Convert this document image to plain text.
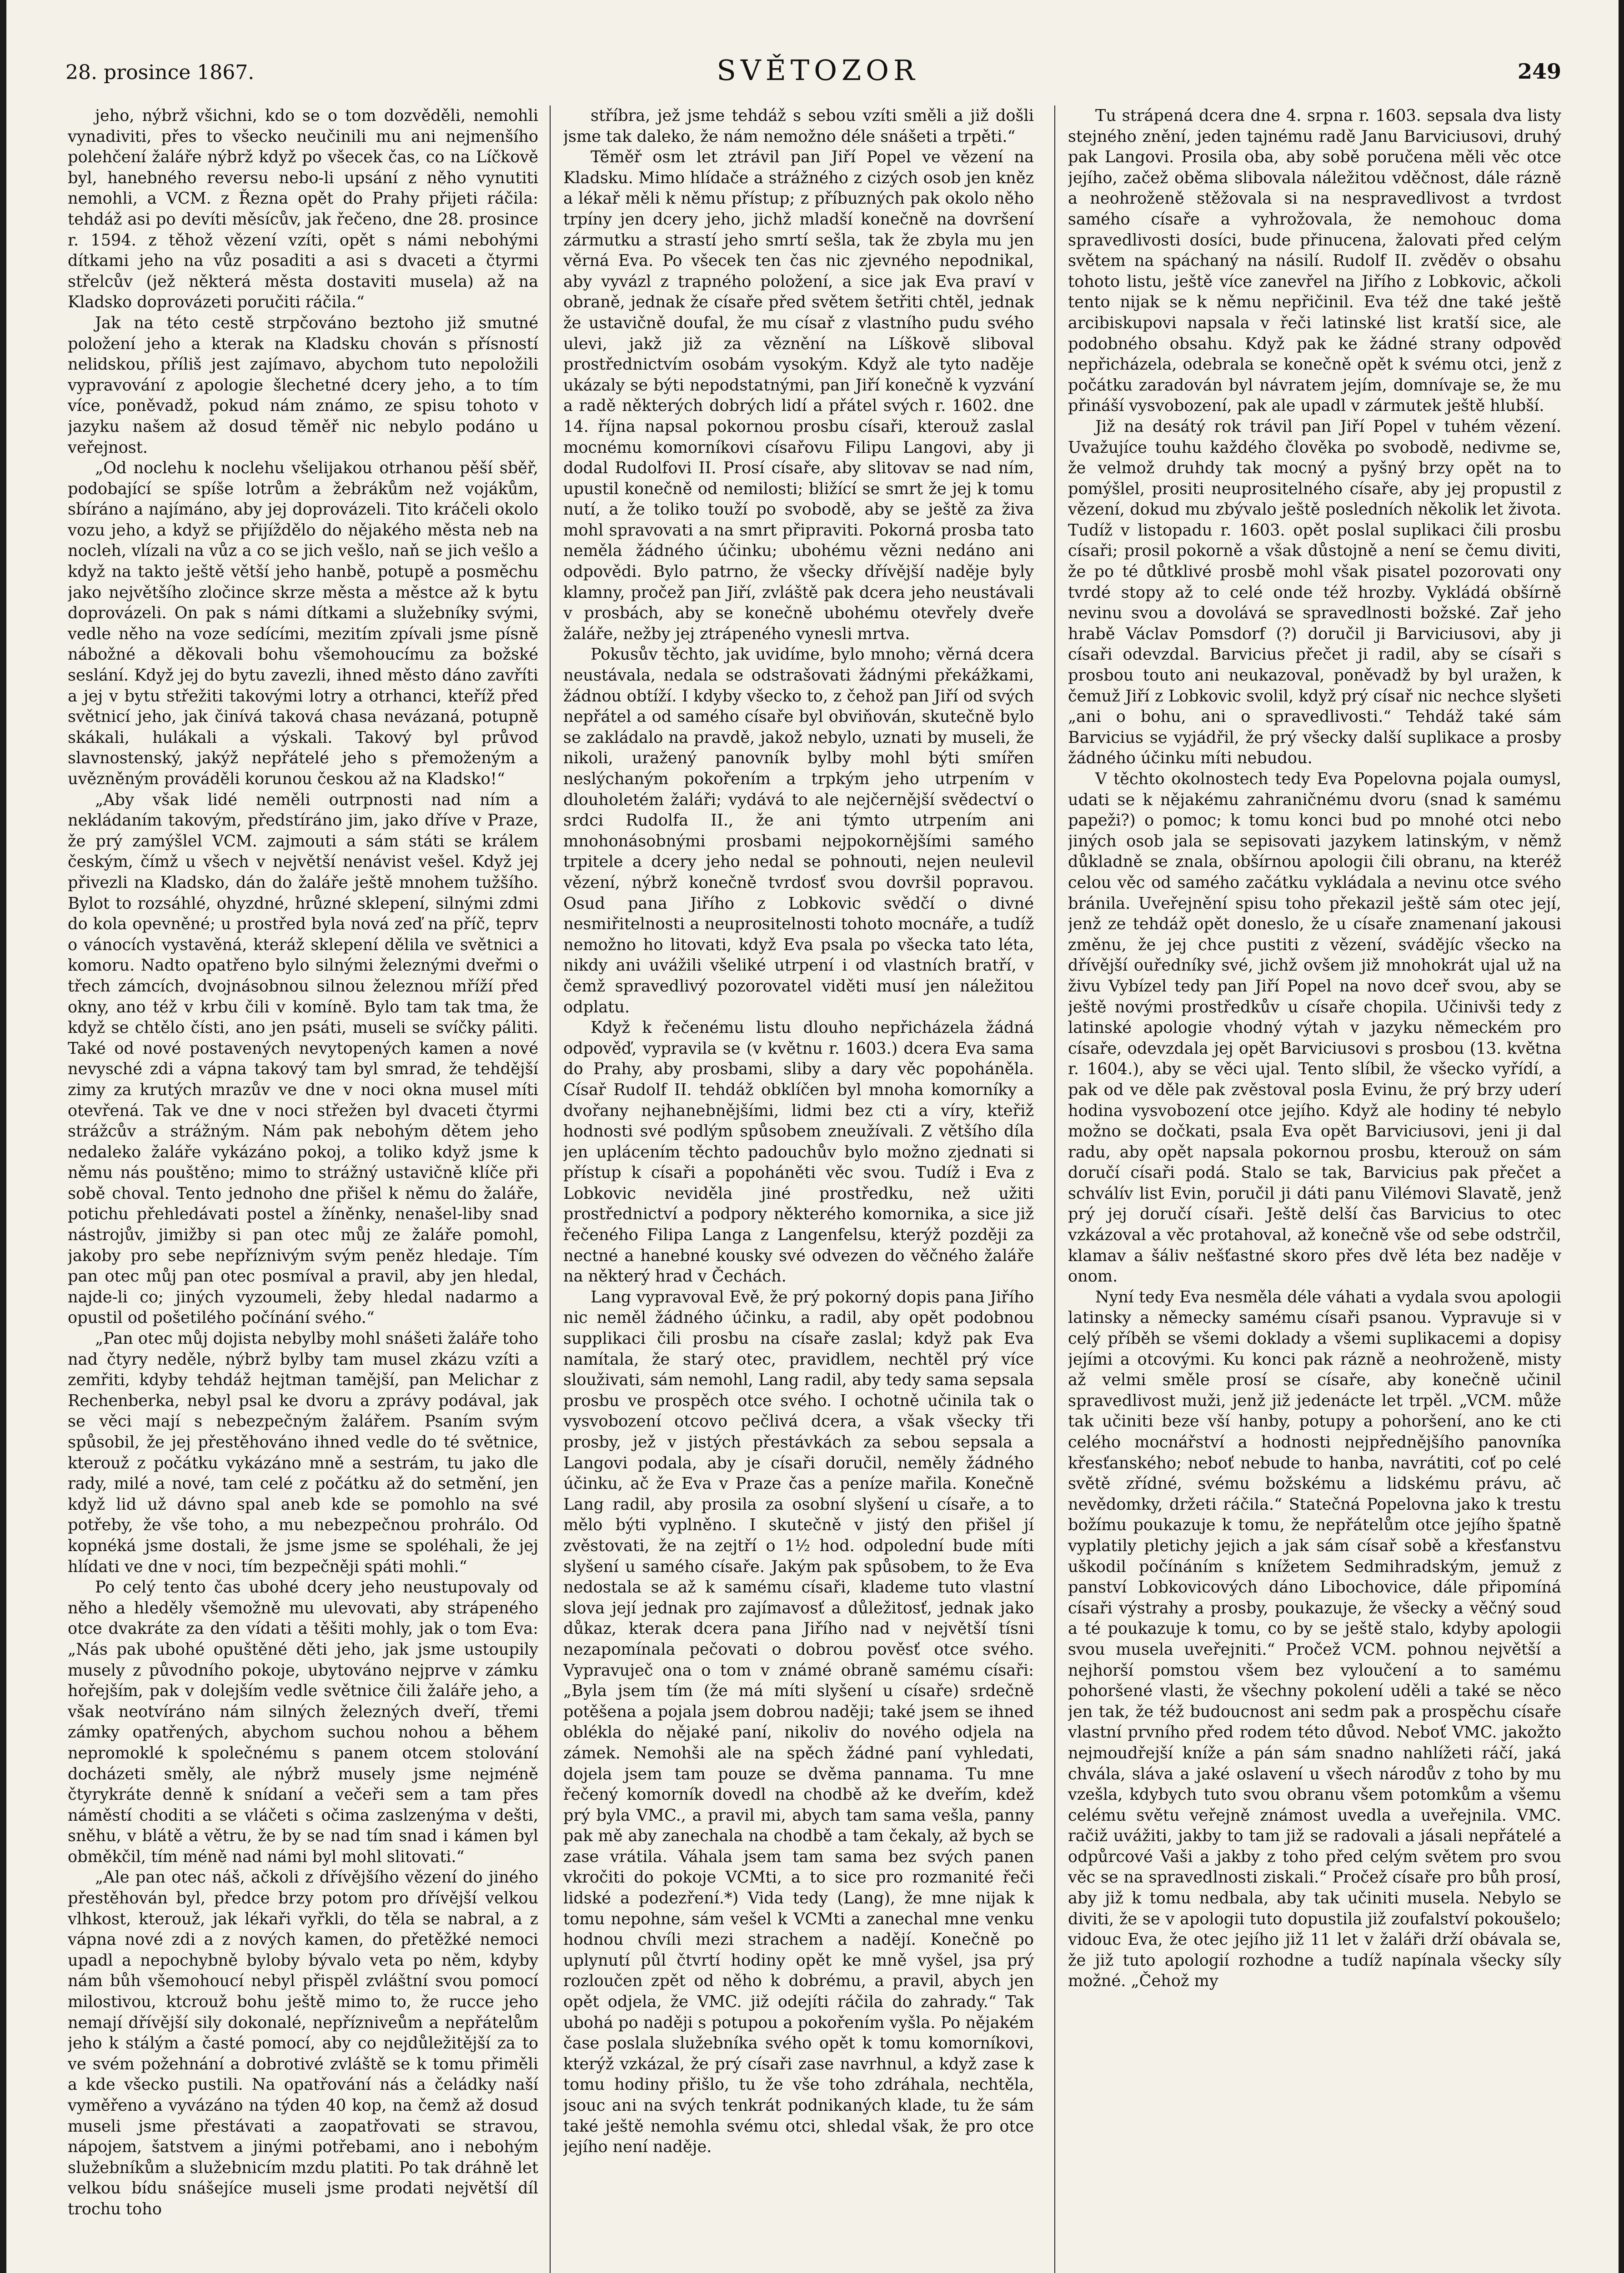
28. prosince 1867.	SVĚTOZOR	249

jeho, nýbrž všichni, kdo se o tom dozvěděli, nemohli vynadiviti, přes to všecko neučinili mu ani nejmenšího polehčení žaláře nýbrž když po všecek čas, co na Líčkově byl, hanebného reversu nebo-li upsání z něho vynutiti nemohli, a VCM. z Řezna opět do Prahy přijeti ráčila: tehdáž asi po devíti měsícův, jak řečeno, dne 28. prosince r. 1594. z těhož vězení vzíti, opět s námi nebohými dítkami jeho na vůz posaditi a asi s dvaceti a čtyrmi střelcův (jež některá města dostaviti musela) až na Kladsko doprovázeti poručiti ráčila.“

Jak na této cestě strpčováno beztoho již smutné položení jeho a kterak na Kladsku chován s přísností nelidskou, příliš jest zajímavo, abychom tuto nepoložili vypravování z apologie šlechetné dcery jeho, a to tím více, poněvadž, pokud nám známo, ze spisu tohoto v jazyku našem až dosud těměř nic nebylo podáno u veřejnost.

„Od noclehu k noclehu všelijakou otrhanou pěší sběř, podobající se spíše lotrům a žebrákům než vojákům, sbíráno a najímáno, aby jej doprovázeli. Tito kráčeli okolo vozu jeho, a když se přijíždělo do nějakého města neb na nocleh, vlízali na vůz a co se jich vešlo, naň se jich vešlo a když na takto ještě větší jeho hanbě, potupě a posměchu jako největšího zločince skrze města a městce až k bytu doprovázeli. On pak s námi dítkami a služebníky svými, vedle něho na voze sedícími, mezitím zpívali jsme písně nábožné a děkovali bohu všemohoucímu za božské seslání. Když jej do bytu zavezli, ihned město dáno zavříti a jej v bytu střežiti takovými lotry a otrhanci, kteříž před světnicí jeho, jak činívá taková chasa nevázaná, potupně skákali, hulákali a výskali. Takový byl průvod slavnostenský, jakýž nepřátelé jeho s přemoženým a uvězněným prováděli korunou českou až na Kladsko!“

„Aby však lidé neměli outrpnosti nad ním a nekládaním takovým, předstíráno jim, jako dříve v Praze, že prý zamýšlel VCM. zajmouti a sám státi se králem českým, čímž u všech v největší nenávist vešel. Když jej přivezli na Kladsko, dán do žaláře ještě mnohem tužšího. Bylot to rozsáhlé, ohyzdné, hrůzné sklepení, silnými zdmi do kola opevněné; u prostřed byla nová zeď na příč, teprv o vánocích vystavěná, kteráž sklepení dělila ve světnici a komoru. Nadto opatřeno bylo silnými železnými dveřmi o třech zámcích, dvojnásobnou silnou železnou mříží před okny, ano též v krbu čili v komíně. Bylo tam tak tma, že když se chtělo čísti, ano jen psáti, museli se svíčky páliti. Také od nové postavených nevytopených kamen a nové nevysché zdi a vápna takový tam byl smrad, že tehdější zimy za krutých mrazův ve dne v noci okna musel míti otevřená. Tak ve dne v noci střežen byl dvaceti čtyrmi strážcův a strážným. Nám pak nebohým dětem jeho nedaleko žaláře vykázáno pokoj, a toliko když jsme k němu nás pouštěno; mimo to strážný ustavičně klíče při sobě choval. Tento jednoho dne přišel k němu do žaláře, potichu přehledávati postel a žíněnky, nenašel-liby snad nástrojův, jimižby si pan otec můj ze žaláře pomohl, jakoby pro sebe nepříznivým svým peněz hledaje. Tím pan otec můj pan otec posmíval a pravil, aby jen hledal, najde-li co; jiných vyzoumeli, žeby hledal nadarmo a opustil od pošetilého počínání svého.“

„Pan otec můj dojista nebylby mohl snášeti žaláře toho nad čtyry neděle, nýbrž bylby tam musel zkázu vzíti a zemřiti, kdyby tehdáž hejtman tamější, pan Melichar z Rechenberka, nebyl psal ke dvoru a zprávy podával, jak se věci mají s nebezpečným žalářem. Psaním svým spůsobil, že jej přestěhováno ihned vedle do té světnice, kterouž z počátku vykázáno mně a sestrám, tu jako dle rady, milé a nové, tam celé z počátku až do setmění, jen když lid už dávno spal aneb kde se pomohlo na své potřeby, že vše toho, a mu nebezpečnou prohrálo. Od kopnéká jsme dostali, že jsme jsme se spoléhali, že jej hlídati ve dne v noci, tím bezpečněji spáti mohli.“

Po celý tento čas ubohé dcery jeho neustupovaly od něho a hleděly všemožně mu ulevovati, aby strápeného otce dvakráte za den vídati a těšiti mohly, jak o tom Eva: „Nás pak ubohé opuštěné děti jeho, jak jsme ustoupily musely z původního pokoje, ubytováno nejprve v zámku hořejším, pak v dolejším vedle světnice čili žaláře jeho, a však neotvíráno nám silných železných dveří, třemi zámky opatřených, abychom suchou nohou a během nepromoklé k společnému s panem otcem stolování docházeti směly, ale nýbrž musely jsme nejméně čtyrykráte denně k snídaní a večeři sem a tam přes náměstí choditi a se vláčeti s očima zaslzenýma v dešti, sněhu, v blátě a větru, že by se nad tím snad i kámen byl obměkčil, tím méně nad námi byl mohl slitovati.“

„Ale pan otec náš, ačkoli z dřívějšího vězení do jiného přestěhován byl, předce brzy potom pro dřívější velkou vlhkost, kterouž, jak lékaři vyřkli, do těla se nabral, a z vápna nové zdi a z nových kamen, do přetěžké nemoci upadl a nepochybně byloby bývalo veta po něm, kdyby nám bůh všemohoucí nebyl přispěl zvláštní svou pomocí milostivou, ktcrouž bohu ještě mimo to, že rucce jeho nemají dřívější sily dokonalé, nepřízniveům a nepřátelům jeho k stálým a časté pomocí, aby co nejdůležitější za to ve svém požehnání a dobrotivé zvláště se k tomu přiměli a kde všecko pustili. Na opatřování nás a čeládky naší vyměřeno a vyvázáno na týden 40 kop, na čemž až dosud museli jsme přestávati a zaopatřovati se stravou, nápojem, šatstvem a jinými potřebami, ano i nebohým služebníkům a služebnicím mzdu platiti. Po tak dráhně let velkou bídu snášejíce museli jsme prodati největší díl trochu toho

stříbra, jež jsme tehdáž s sebou vzíti směli a již došli jsme tak daleko, že nám nemožno déle snášeti a trpěti.“

Těměř osm let ztrávil pan Jiří Popel ve vězení na Kladsku. Mimo hlídače a strážného z cizých osob jen kněz a lékař měli k němu přístup; z příbuzných pak okolo něho trpíny jen dcery jeho, jichž mladší konečně na dovršení zármutku a strastí jeho smrtí sešla, tak že zbyla mu jen věrná Eva. Po všecek ten čas nic zjevného nepodnikal, aby vyvázl z trapného položení, a sice jak Eva praví v obraně, jednak že císaře před světem šetřiti chtěl, jednak že ustavičně doufal, že mu císař z vlastního pudu svého ulevi, jakž již za věznění na Líškově sliboval prostřednictvím osobám vysokým. Když ale tyto naděje ukázaly se býti nepodstatnými, pan Jiří konečně k vyzvání a radě některých dobrých lidí a přátel svých r. 1602. dne 14. října napsal pokornou prosbu císaři, kterouž zaslal mocnému komorníkovi císařovu Filipu Langovi, aby ji dodal Rudolfovi II. Prosí císaře, aby slitovav se nad ním, upustil konečně od nemilosti; bližící se smrt že jej k tomu nutí, a že toliko touží po svobodě, aby se ještě za živa mohl spravovati a na smrt připraviti. Pokorná prosba tato neměla žádného účinku; ubohému vězni nedáno ani odpovědi. Bylo patrno, že všecky dřívější naděje byly klamny, pročež pan Jiří, zvláště pak dcera jeho neustávali v prosbách, aby se konečně ubohému otevřely dveře žaláře, nežby jej ztrápeného vynesli mrtva.

Pokusův těchto, jak uvidíme, bylo mnoho; věrná dcera neustávala, nedala se odstrašovati žádnými překážkami, žádnou obtíží. I kdyby všecko to, z čehož pan Jiří od svých nepřátel a od samého císaře byl obviňován, skutečně bylo se zakládalo na pravdě, jakož nebylo, uznati by museli, že nikoli, uražený panovník bylby mohl býti smířen neslýchaným pokořením a trpkým jeho utrpením v dlouholetém žaláři; vydává to ale nejčernější svědectví o srdci Rudolfa II., že ani týmto utrpením ani mnohonásobnými prosbami nejpokornějšími samého trpitele a dcery jeho nedal se pohnouti, nejen neulevil vězení, nýbrž konečně tvrdosť svou dovršil popravou. Osud pana Jiřího z Lobkovic svědčí o divné nesmiřitelnosti a neuprositelnosti tohoto mocnáře, a tudíž nemožno ho litovati, když Eva psala po všecka tato léta, nikdy ani uvážili všeliké utrpení i od vlastních bratří, v čemž spravedlivý pozorovatel viděti musí jen náležitou odplatu.

Když k řečenému listu dlouho nepřicházela žádná odpověď, vypravila se (v květnu r. 1603.) dcera Eva sama do Prahy, aby prosbami, sliby a dary věc popoháněla. Císař Rudolf II. tehdáž obklíčen byl mnoha komorníky a dvořany nejhanebnějšími, lidmi bez cti a víry, kteřiž hodnosti své podlým spůsobem zneužívali. Z většího díla jen uplácením těchto padouchův bylo možno zjednati si přístup k císaři a popoháněti věc svou. Tudíž i Eva z Lobkovic neviděla jiné prostředku, než užiti prostřednictví a podpory některého komornika, a sice již řečeného Filipa Langa z Langenfelsu, kterýž později za nectné a hanebné kousky své odvezen do věčného žaláře na některý hrad v Čechách.

Lang vypravoval Evě, že prý pokorný dopis pana Jiřího nic neměl žádného účinku, a radil, aby opět podobnou supplikaci čili prosbu na císaře zaslal; když pak Eva namítala, že starý otec, pravidlem, nechtěl prý více slouživati, sám nemohl, Lang radil, aby tedy sama sepsala prosbu ve prospěch otce svého. I ochotně učinila tak o vysvobození otcovo pečlivá dcera, a však všecky tři prosby, jež v jistých přestávkách za sebou sepsala a Langovi podala, aby je císaři doručil, neměly žádného účinku, ač že Eva v Praze čas a peníze mařila. Konečně Lang radil, aby prosila za osobní slyšení u císaře, a to mělo býti vyplněno. I skutečně v jistý den přišel jí zvěstovati, že na zejtří o 1½ hod. odpolední bude míti slyšení u samého císaře. Jakým pak spůsobem, to že Eva nedostala se až k samému císaři, klademe tuto vlastní slova její jednak pro zajímavosť a důležitosť, jednak jako důkaz, kterak dcera pana Jiřího nad v největší tísni nezapomínala pečovati o dobrou pověsť otce svého. Vypravuječ ona o tom v známé obraně samému císaři: „Byla jsem tím (že má míti slyšení u císaře) srdečně potěšena a pojala jsem dobrou naději; také jsem se ihned oblékla do nějaké paní, nikoliv do nového odjela na zámek. Nemohši ale na spěch žádné paní vyhledati, dojela jsem tam pouze se dvěma pannama. Tu mne řečený komorník dovedl na chodbě až ke dveřím, kdež prý byla VMC., a pravil mi, abych tam sama vešla, panny pak mě aby zanechala na chodbě a tam čekaly, až bych se zase vrátila. Váhala jsem tam sama bez svých panen vkročiti do pokoje VCMti, a to sice pro rozmanité řeči lidské a podezření.*) Vida tedy (Lang), že mne nijak k tomu nepohne, sám vešel k VCMti a zanechal mne venku hodnou chvíli mezi strachem a nadějí. Konečně po uplynutí půl čtvrtí hodiny opět ke mně vyšel, jsa prý rozloučen zpět od něho k dobrému, a pravil, abych jen opět odjela, že VMC. již odejíti ráčila do zahrady.“ Tak ubohá po naději s potupou a pokořením vyšla. Po nějakém čase poslala služebníka svého opět k tomu komorníkovi, kterýž vzkázal, že prý císaři zase navrhnul, a když zase k tomu hodiny přišlo, tu že vše toho zdráhala, nechtěla, jsouc ani na svých tenkrát podnikaných klade, tu že sám také ještě nemohla svému otci, shledal však, že pro otce jejího není naděje.

Tu strápená dcera dne 4. srpna r. 1603. sepsala dva listy stejného znění, jeden tajnému radě Janu Barviciusovi, druhý pak Langovi. Prosila oba, aby sobě poručena měli věc otce jejího, začež oběma slibovala náležitou vděčnost, dále rázně a neohroženě stěžovala si na nespravedlivost a tvrdost samého císaře a vyhrožovala, že nemohouc doma spravedlivosti dosíci, bude přinucena, žalovati před celým světem na spáchaný na násilí. Rudolf II. zvěděv o obsahu tohoto listu, ještě více zanevřel na Jiřího z Lobkovic, ačkoli tento nijak se k němu nepřičinil. Eva též dne také ještě arcibiskupovi napsala v řeči latinské list kratší sice, ale podobného obsahu. Když pak ke žádné strany odpověď nepřicházela, odebrala se konečně opět k svému otci, jenž z počátku zaradován byl návratem jejím, domnívaje se, že mu přináší vysvobození, pak ale upadl v zármutek ještě hlubší.

Již na desátý rok trávil pan Jiří Popel v tuhém vězení. Uvažujíce touhu každého člověka po svobodě, nedivme se, že velmož druhdy tak mocný a pyšný brzy opět na to pomýšlel, prositi neuprositelného císaře, aby jej propustil z vězení, dokud mu zbývalo ještě posledních několik let života. Tudíž v listopadu r. 1603. opět poslal suplikaci čili prosbu císaři; prosil pokorně a však důstojně a není se čemu diviti, že po té důtklivé prosbě mohl však pisatel pozorovati ony tvrdé stopy až to celé onde též hrozby. Vykládá obšírně nevinu svou a dovolává se spravedlnosti božské. Zař jeho hrabě Václav Pomsdorf (?) doručil ji Barviciusovi, aby ji císaři odevzdal. Barvicius přečet ji radil, aby se císaři s prosbou touto ani neukazoval, poněvadž by byl uražen, k čemuž Jiří z Lobkovic svolil, když prý císař nic nechce slyšeti „ani o bohu, ani o spravedlivosti.“ Tehdáž také sám Barvicius se vyjádřil, že prý všecky další suplikace a prosby žádného účinku míti nebudou.

V těchto okolnostech tedy Eva Popelovna pojala oumysl, udati se k nějakému zahraničnému dvoru (snad k samému papeži?) o pomoc; k tomu konci bud po mnohé otci nebo jiných osob jala se sepisovati jazykem latinským, v němž důkladně se znala, obšírnou apologii čili obranu, na kteréž celou věc od samého začátku vykládala a nevinu otce svého bránila. Uveřejnění spisu toho překazil ještě sám otec její, jenž ze tehdáž opět doneslo, že u císaře znamenaní jakousi změnu, že jej chce pustiti z vězení, svádějíc všecko na dřívější ouředníky své, jichž ovšem již mnohokrát ujal už na živu Vybízel tedy pan Jiří Popel na novo dceř svou, aby se ještě novými prostředkův u císaře chopila. Učinivši tedy z latinské apologie vhodný výtah v jazyku německém pro císaře, odevzdala jej opět Barviciusovi s prosbou (13. května r. 1604.), aby se věci ujal. Tento slíbil, že všecko vyřídí, a pak od ve děle pak zvěstoval posla Evinu, že prý brzy uderí hodina vysvobození otce jejího. Když ale hodiny té nebylo možno se dočkati, psala Eva opět Barviciusovi, jeni ji dal radu, aby opět napsala pokornou prosbu, kterouž on sám doručí císaři podá. Stalo se tak, Barvicius pak přečet a schválív list Evin, poručil ji dáti panu Vilémovi Slavatě, jenž prý jej doručí císaři. Ještě delší čas Barvicius to otec vzkázoval a věc protahoval, až konečně vše od sebe odstrčil, klamav a šáliv nešťastné skoro přes dvě léta bez naděje v onom.

Nyní tedy Eva nesměla déle váhati a vydala svou apologii latinsky a německy samému císaři psanou. Vypravuje si v celý příběh se všemi doklady a všemi suplikacemi a dopisy jejími a otcovými. Ku konci pak rázně a neohroženě, misty až velmi směle prosí se císaře, aby konečně učinil spravedlivost muži, jenž již jedenácte let trpěl. „VCM. může tak učiniti beze vší hanby, potupy a pohoršení, ano ke cti celého mocnářství a hodnosti nejpřednějšího panovníka křesťanského; neboť nebude to hanba, navrátiti, coť po celé světě zřídné, svému božskému a lidskému právu, ač nevědomky, držeti ráčila.“ Statečná Popelovna jako k trestu božímu poukazuje k tomu, že nepřátelům otce jejího špatně vyplatily pletichy jejich a jak sám císař sobě a křesťanstvu uškodil počínáním s knížetem Sedmihradským, jemuž z panství Lobkovicových dáno Libochovice, dále připomíná císaři výstrahy a prosby, poukazuje, že všecky a věčný soud a té poukazuje k tomu, co by se ještě stalo, kdyby apologii svou musela uveřejniti.“ Pročež VCM. pohnou největší a nejhorší pomstou všem bez vyloučení a to samému pohoršené vlasti, že všechny pokolení uděli a také se něco jen tak, že též budoucnost ani sedm pak a prospěchu císaře vlastní prvního před rodem této důvod. Neboť VMC. jakožto nejmoudřejší kníže a pán sám snadno nahlížeti ráčí, jaká chvála, sláva a jaké oslavení u všech národův z toho by mu vzešla, kdybych tuto svou obranu všem potomkům a všemu celému světu veřejně známost uvedla a uveřejnila. VMC. račiž uvážiti, jakby to tam již se radovali a jásali nepřátelé a odpůrcové Vaši a jakby z toho před celým světem pro svou věc se na spravedlnosti ziskali.“ Pročež císaře pro bůh prosí, aby již k tomu nedbala, aby tak učiniti musela. Nebylo se diviti, že se v apologii tuto dopustila již zoufalství pokoušelo; vidouc Eva, že otec jejího již 11 let v žaláři drží obávala se, že již tuto apologií rozhodne a tudíž napínala všecky síly možné. „Čehož my
